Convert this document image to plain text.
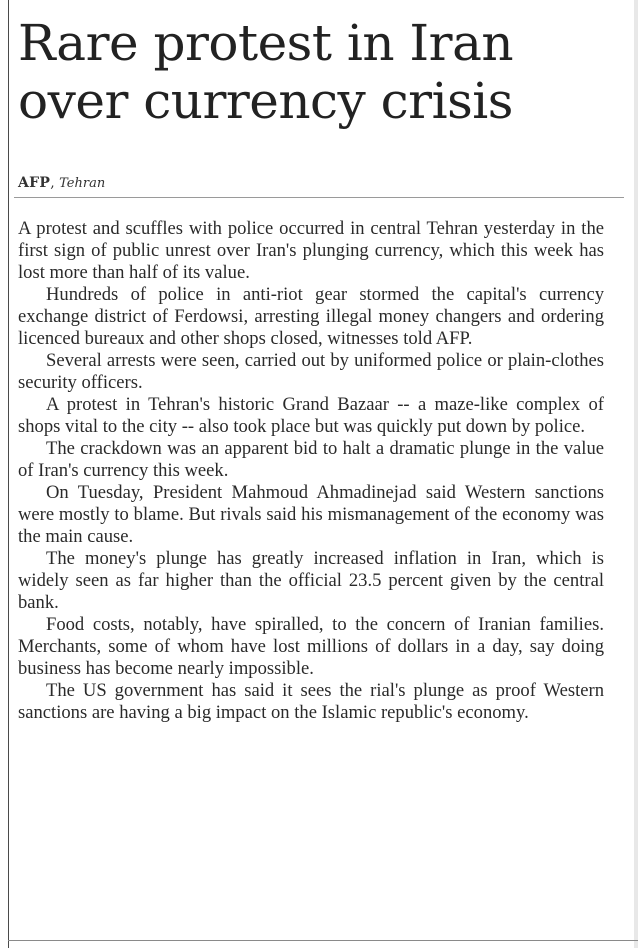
Rare protest in Iran
over currency crisis
AFP, Tehran

A protest and scuffles with police occurred in central Tehran yesterday in the first sign of public unrest over Iran's plunging currency, which this week has lost more than half of its value.

Hundreds of police in anti-riot gear stormed the capital's currency exchange district of Ferdowsi, arresting illegal money changers and ordering licenced bureaux and other shops closed, witnesses told AFP.

Several arrests were seen, carried out by uniformed police or plain-clothes security officers.

A protest in Tehran's historic Grand Bazaar -- a maze-like complex of shops vital to the city -- also took place but was quickly put down by police.

The crackdown was an apparent bid to halt a dramatic plunge in the value of Iran's currency this week.

On Tuesday, President Mahmoud Ahmadinejad said Western sanctions were mostly to blame. But rivals said his mismanagement of the economy was the main cause.

The money's plunge has greatly increased inflation in Iran, which is widely seen as far higher than the official 23.5 percent given by the central bank.

Food costs, notably, have spiralled, to the concern of Iranian families. Merchants, some of whom have lost millions of dollars in a day, say doing business has become nearly impossible.

The US government has said it sees the rial's plunge as proof Western sanctions are having a big impact on the Islamic republic's economy.
